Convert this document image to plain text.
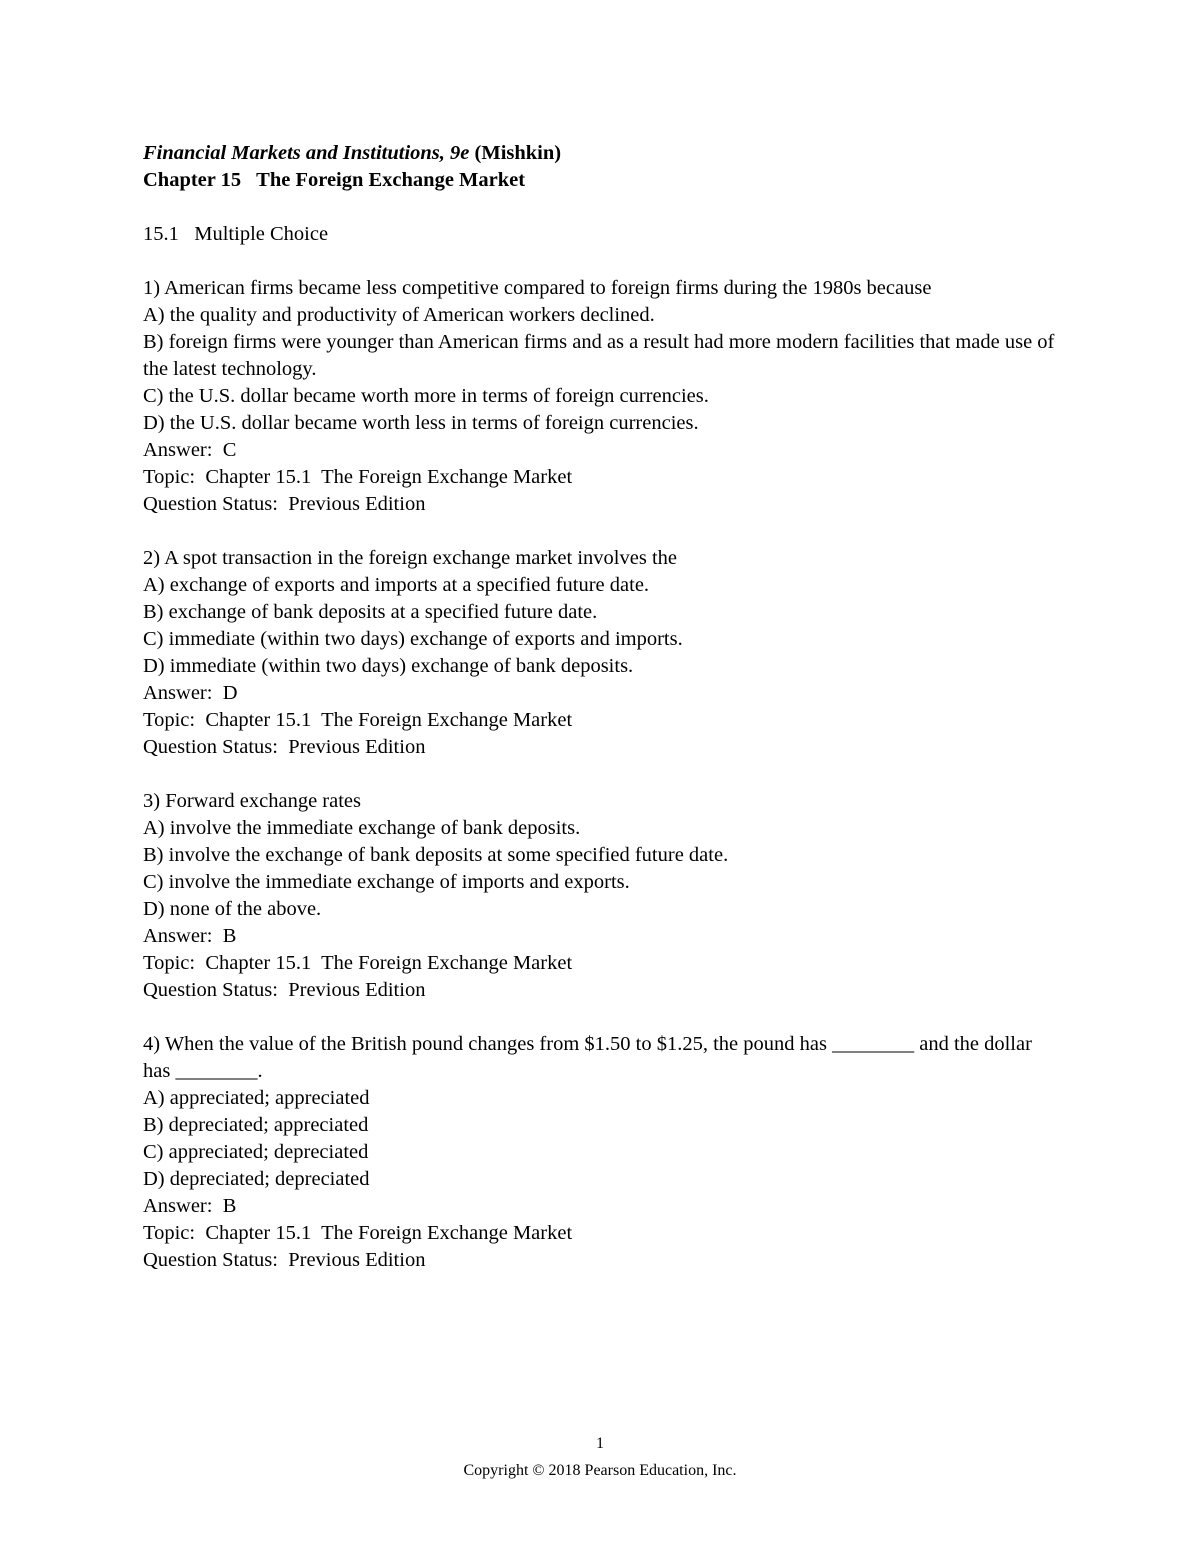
Financial Markets and Institutions, 9e (Mishkin)
Chapter 15   The Foreign Exchange Market
15.1   Multiple Choice
1) American firms became less competitive compared to foreign firms during the 1980s because
A) the quality and productivity of American workers declined.
B) foreign firms were younger than American firms and as a result had more modern facilities that made use of the latest technology.
C) the U.S. dollar became worth more in terms of foreign currencies.
D) the U.S. dollar became worth less in terms of foreign currencies.
Answer:  C
Topic:  Chapter 15.1  The Foreign Exchange Market
Question Status:  Previous Edition
2) A spot transaction in the foreign exchange market involves the
A) exchange of exports and imports at a specified future date.
B) exchange of bank deposits at a specified future date.
C) immediate (within two days) exchange of exports and imports.
D) immediate (within two days) exchange of bank deposits.
Answer:  D
Topic:  Chapter 15.1  The Foreign Exchange Market
Question Status:  Previous Edition
3) Forward exchange rates
A) involve the immediate exchange of bank deposits.
B) involve the exchange of bank deposits at some specified future date.
C) involve the immediate exchange of imports and exports.
D) none of the above.
Answer:  B
Topic:  Chapter 15.1  The Foreign Exchange Market
Question Status:  Previous Edition
4) When the value of the British pound changes from $1.50 to $1.25, the pound has ________ and the dollar has ________.
A) appreciated; appreciated
B) depreciated; appreciated
C) appreciated; depreciated
D) depreciated; depreciated
Answer:  B
Topic:  Chapter 15.1  The Foreign Exchange Market
Question Status:  Previous Edition
1
Copyright © 2018 Pearson Education, Inc.
